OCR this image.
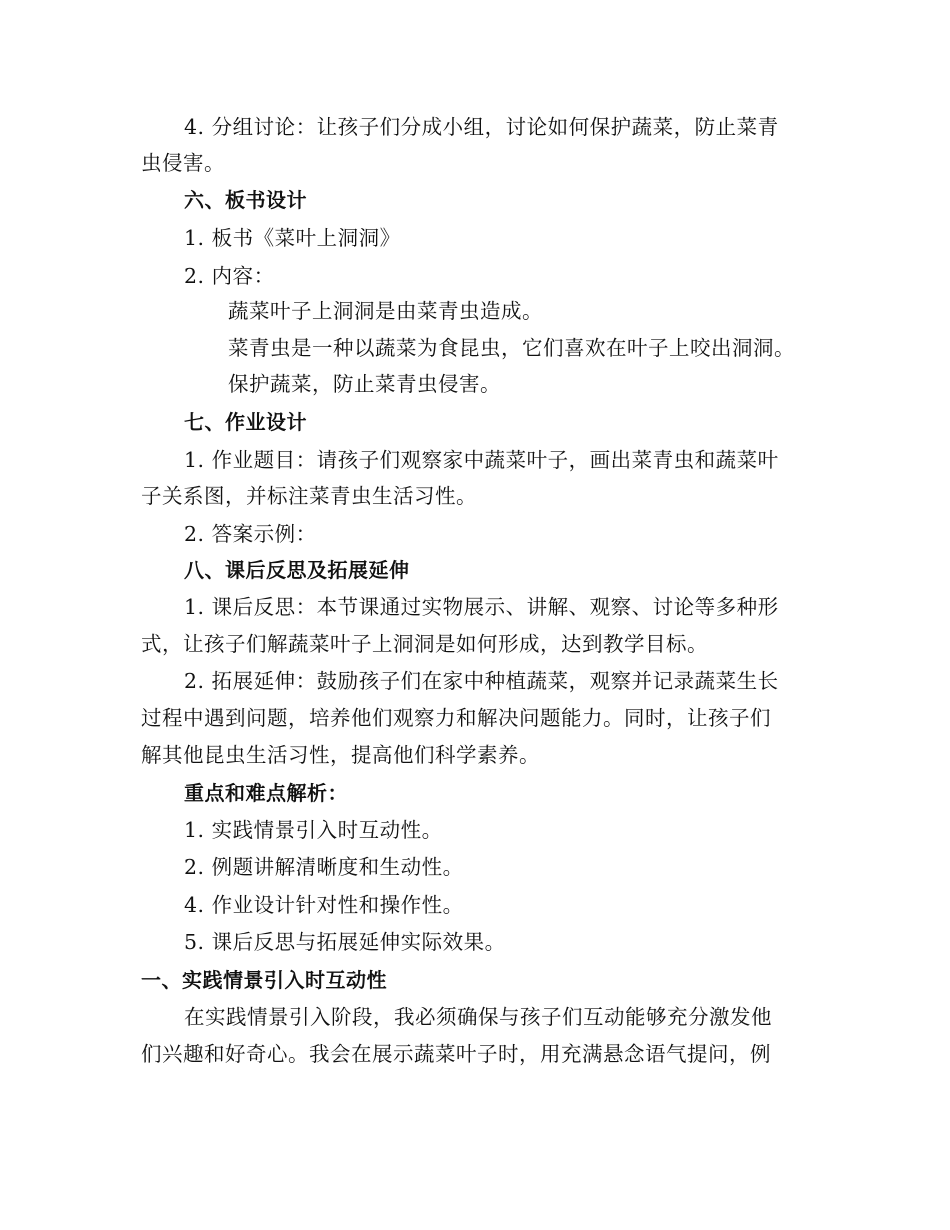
4. 分组讨论：让孩子们分成小组，讨论如何保护蔬菜，防止菜青
虫侵害。
六、板书设计
1. 板书《菜叶上洞洞》
2. 内容：
蔬菜叶子上洞洞是由菜青虫造成。
菜青虫是一种以蔬菜为食昆虫，它们喜欢在叶子上咬出洞洞。
保护蔬菜，防止菜青虫侵害。
七、作业设计
1. 作业题目：请孩子们观察家中蔬菜叶子，画出菜青虫和蔬菜叶
子关系图，并标注菜青虫生活习性。
2. 答案示例：
八、课后反思及拓展延伸
1. 课后反思：本节课通过实物展示、讲解、观察、讨论等多种形
式，让孩子们解蔬菜叶子上洞洞是如何形成，达到教学目标。
2. 拓展延伸：鼓励孩子们在家中种植蔬菜，观察并记录蔬菜生长
过程中遇到问题，培养他们观察力和解决问题能力。同时，让孩子们
解其他昆虫生活习性，提高他们科学素养。
重点和难点解析：
1. 实践情景引入时互动性。
2. 例题讲解清晰度和生动性。
4. 作业设计针对性和操作性。
5. 课后反思与拓展延伸实际效果。
一、实践情景引入时互动性
在实践情景引入阶段，我必须确保与孩子们互动能够充分激发他
们兴趣和好奇心。我会在展示蔬菜叶子时，用充满悬念语气提问，例
